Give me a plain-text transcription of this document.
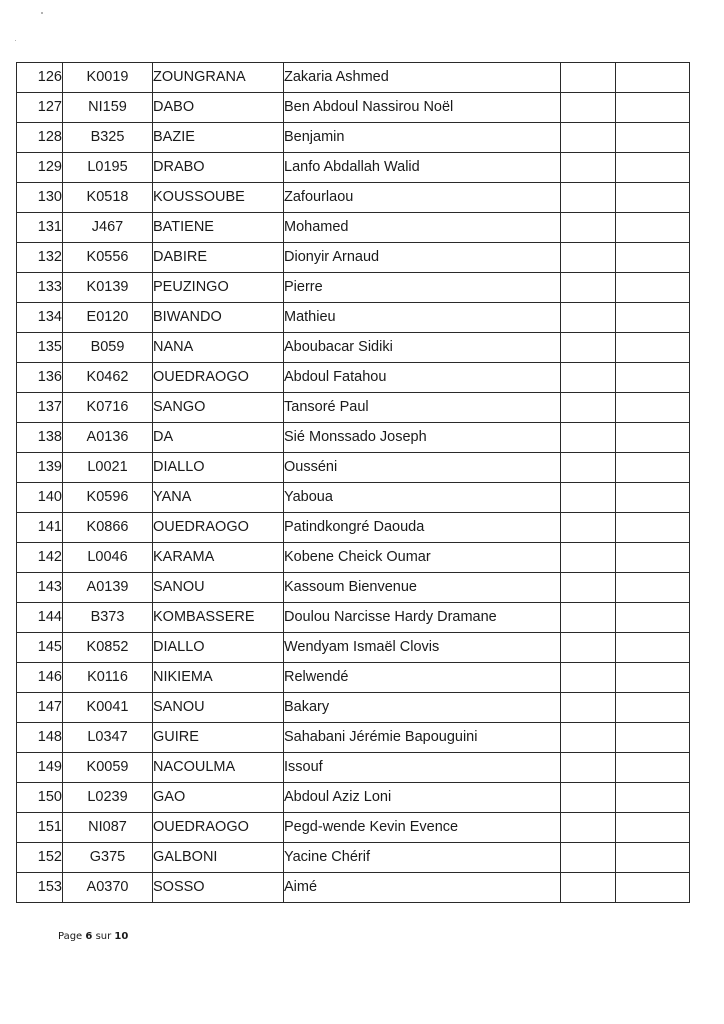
126	K0019	ZOUNGRANA	Zakaria Ashmed		
127	NI159	DABO	Ben Abdoul Nassirou Noël		
128	B325	BAZIE	Benjamin		
129	L0195	DRABO	Lanfo Abdallah Walid		
130	K0518	KOUSSOUBE	Zafourlaou		
131	J467	BATIENE	Mohamed		
132	K0556	DABIRE	Dionyir Arnaud		
133	K0139	PEUZINGO	Pierre		
134	E0120	BIWANDO	Mathieu		
135	B059	NANA	Aboubacar Sidiki		
136	K0462	OUEDRAOGO	Abdoul Fatahou		
137	K0716	SANGO	Tansoré Paul		
138	A0136	DA	Sié Monssado Joseph		
139	L0021	DIALLO	Ousséni		
140	K0596	YANA	Yaboua		
141	K0866	OUEDRAOGO	Patindkongré Daouda		
142	L0046	KARAMA	Kobene Cheick Oumar		
143	A0139	SANOU	Kassoum Bienvenue		
144	B373	KOMBASSERE	Doulou Narcisse Hardy Dramane		
145	K0852	DIALLO	Wendyam Ismaël Clovis		
146	K0116	NIKIEMA	Relwendé		
147	K0041	SANOU	Bakary		
148	L0347	GUIRE	Sahabani Jérémie Bapouguini		
149	K0059	NACOULMA	Issouf		
150	L0239	GAO	Abdoul Aziz Loni		
151	NI087	OUEDRAOGO	Pegd-wende Kevin Evence		
152	G375	GALBONI	Yacine Chérif		
153	A0370	SOSSO	Aimé		
Page 6 sur 10
